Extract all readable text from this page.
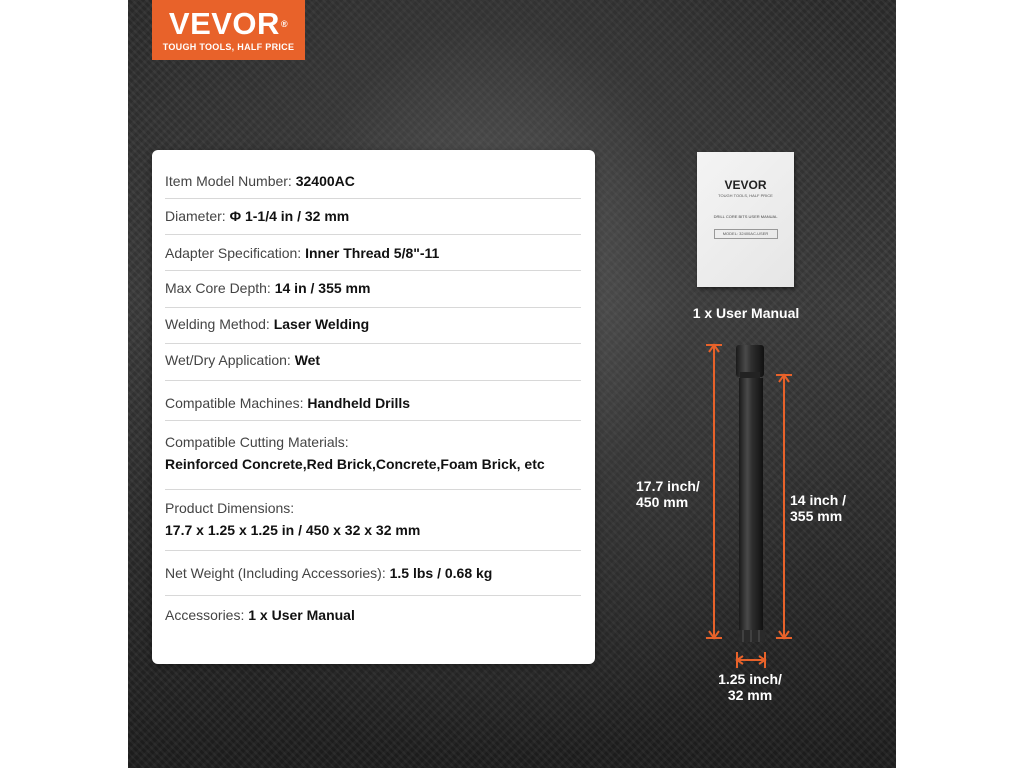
VEVOR®
TOUGH TOOLS, HALF PRICE
Item Model Number: 32400AC
Diameter: Φ 1-1/4 in / 32 mm
Adapter Specification: Inner Thread 5/8"-11
Max Core Depth: 14 in / 355 mm
Welding Method: Laser Welding
Wet/Dry Application: Wet
Compatible Machines: Handheld Drills
Compatible Cutting Materials:
Reinforced Concrete,Red Brick,Concrete,Foam Brick, etc
Product Dimensions:
17.7 x 1.25 x 1.25 in / 450 x 32 x 32 mm
Net Weight (Including Accessories): 1.5 lbs / 0.68 kg
Accessories: 1 x User Manual
VEVOR
TOUGH TOOLS, HALF PRICE
DRILL CORE BITS USER MANUAL
MODEL: 32400AC-USER
1 x User Manual
17.7 inch/
450 mm	14 inch /
355 mm
1.25 inch/
32 mm
